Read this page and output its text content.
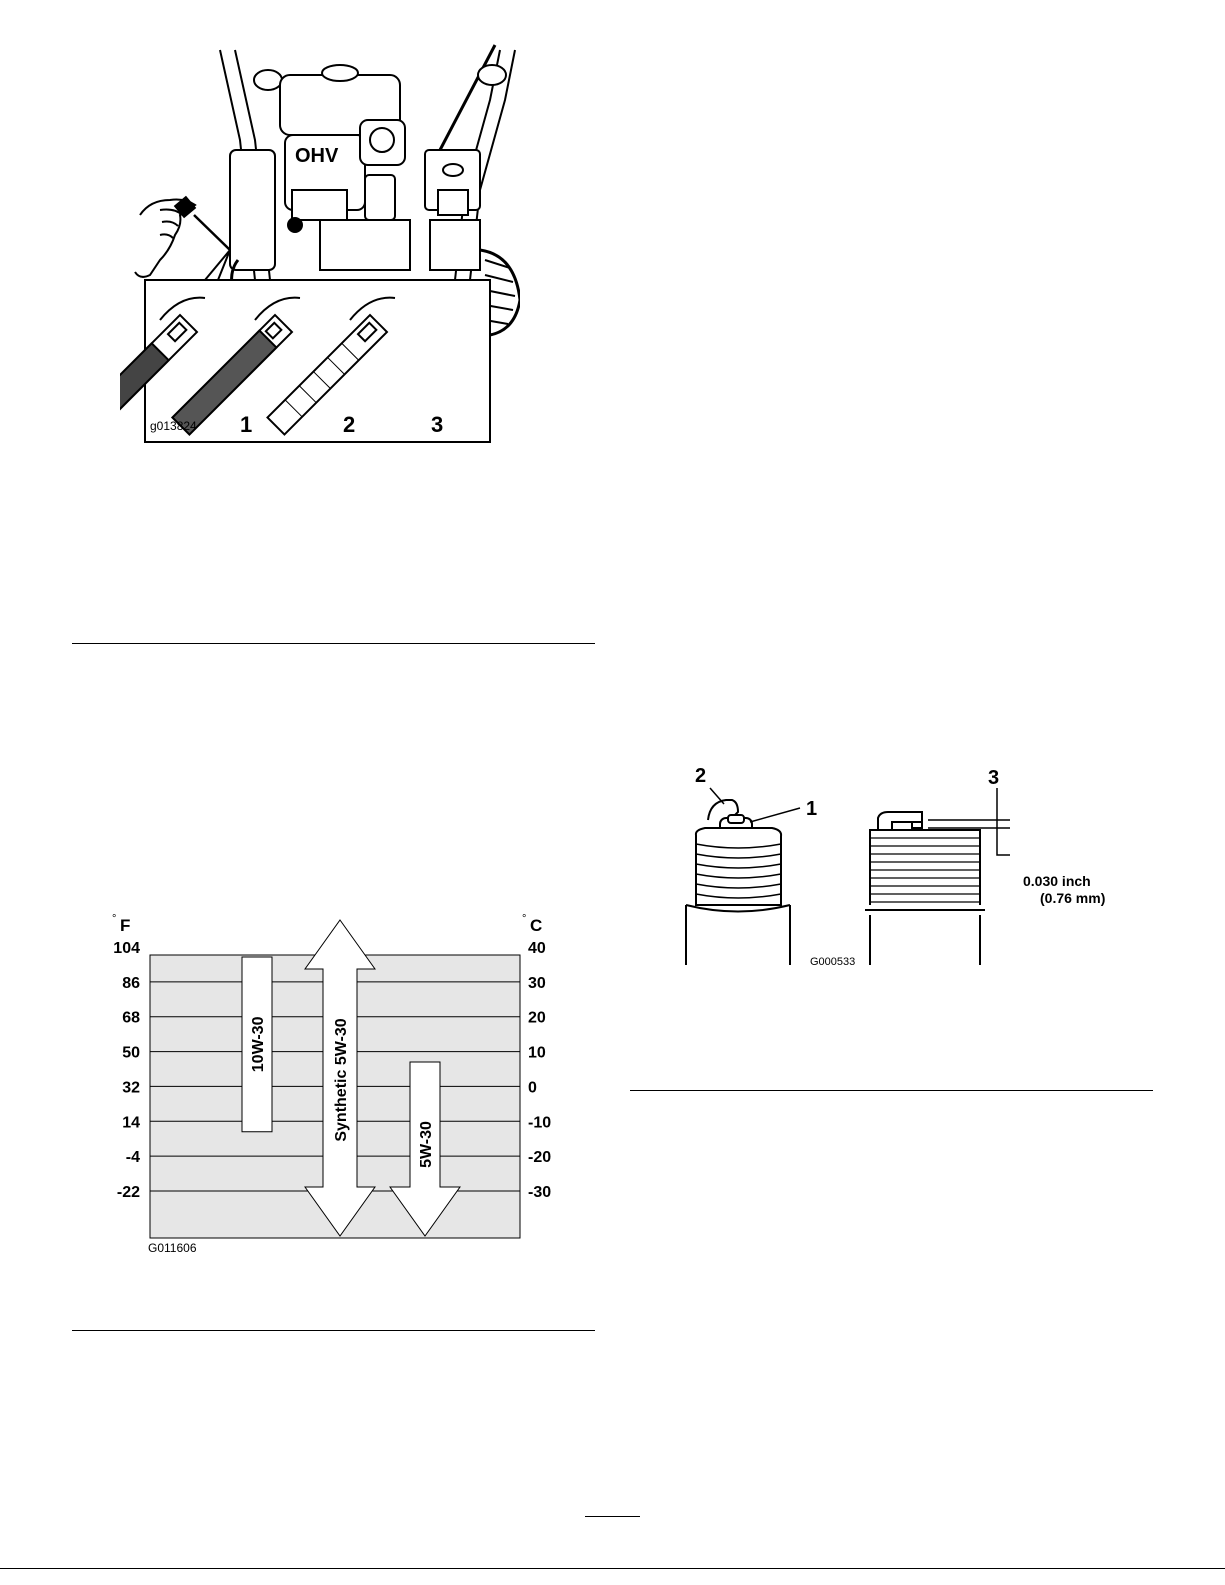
OHV
g013824 1	2	3
10W-30	Synthetic 5W-30
5W-30
104
86
68
50
32
14
-4
-22
40
30
20
10
0
-10
-20
-30
° F	° C
G011606
2
1
3
0.030 inch
(0.76 mm)
G000533
